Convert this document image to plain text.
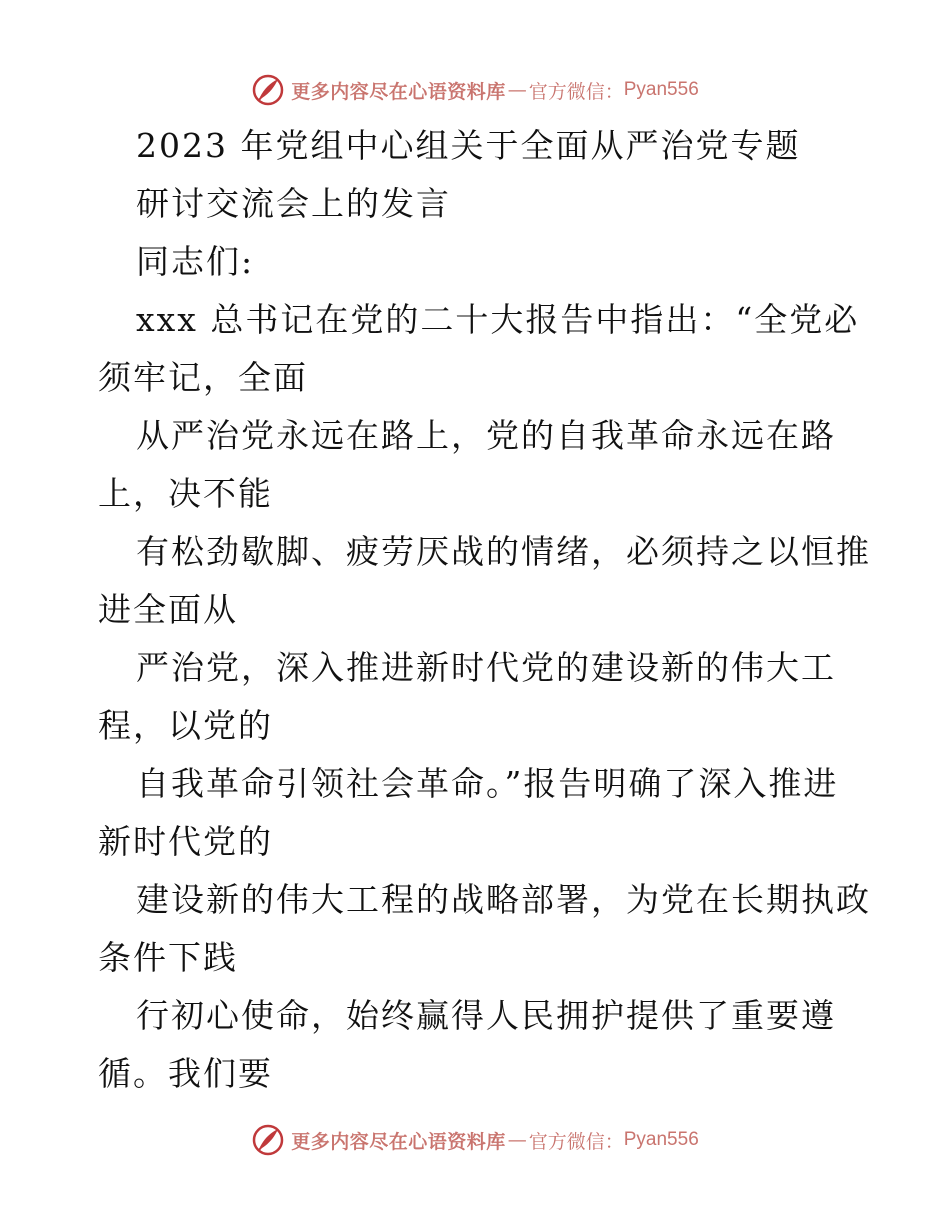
更多内容尽在心语资料库 — 官方微信： Pyan556
2023 年党组中心组关于全面从严治党专题
研讨交流会上的发言
同志们:
xxx 总书记在党的二十大报告中指出：“全党必
须牢记，全面
从严治党永远在路上，党的自我革命永远在路
上，决不能
有松劲歇脚、疲劳厌战的情绪，必须持之以恒推
进全面从
严治党，深入推进新时代党的建设新的伟大工
程，以党的
自我革命引领社会革命。”报告明确了深入推进
新时代党的
建设新的伟大工程的战略部署，为党在长期执政
条件下践
行初心使命，始终赢得人民拥护提供了重要遵
循。我们要
更多内容尽在心语资料库 — 官方微信： Pyan556
